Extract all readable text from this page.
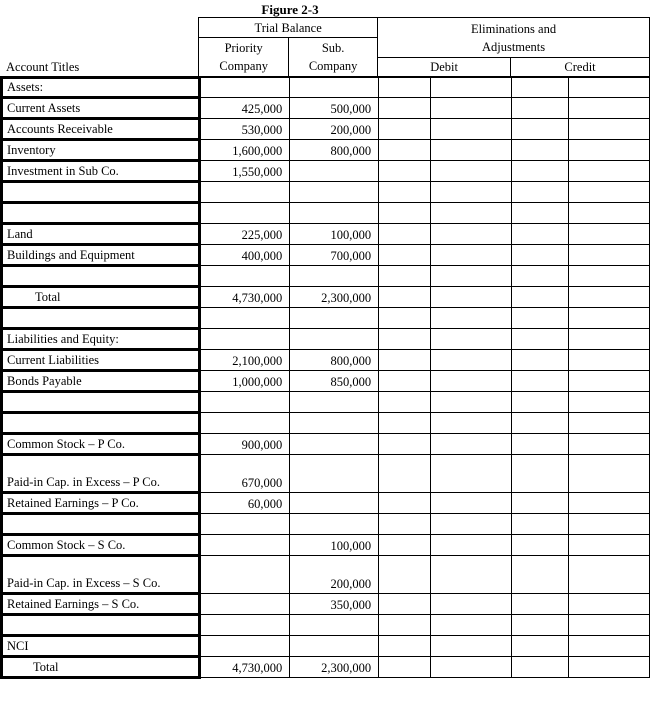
Figure 2-3
Account Titles	Trial Balance		Eliminations and Adjustments	
	Priority Company	Sub. Company		
			Debit	Credit
Assets:						
Current Assets	425,000	500,000				
Accounts Receivable	530,000	200,000				
Inventory	1,600,000	800,000				
Investment in Sub Co.	1,550,000					

Land	225,000	100,000				
Buildings and Equipment	400,000	700,000				

Total	4,730,000	2,300,000				

Liabilities and Equity:						
Current Liabilities	2,100,000	800,000				
Bonds Payable	1,000,000	850,000				

Common Stock – P Co.	900,000					
Paid-in Cap. in Excess – P Co.	670,000					
Retained Earnings – P Co.	60,000					

Common Stock – S Co.		100,000				
Paid-in Cap. in Excess – S Co.		200,000				
Retained Earnings – S Co.		350,000				

NCI						
Total	4,730,000	2,300,000				
